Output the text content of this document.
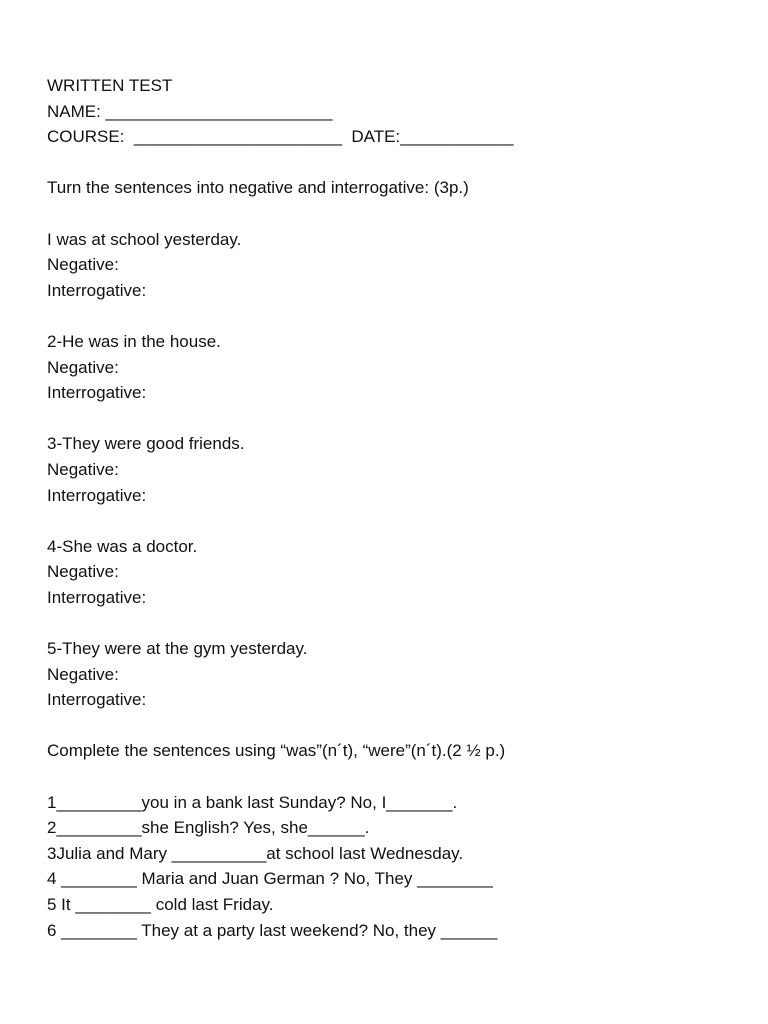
WRITTEN TEST
NAME: ________________________
COURSE:  ______________________  DATE:____________
Turn the sentences into negative and interrogative: (3p.)
I was at school yesterday.
Negative:
Interrogative:
2-He was in the house.
Negative:
Interrogative:
3-They were good friends.
Negative:
Interrogative:
4-She was a doctor.
Negative:
Interrogative:
5-They were at the gym yesterday.
Negative:
Interrogative:
Complete the sentences using “was”(n´t), “were”(n´t).(2 ½ p.)
1_________you in a bank last Sunday? No, I_______.
2_________she English? Yes, she______.
3Julia and Mary __________at school last Wednesday.
4 ________ Maria and Juan German ? No, They ________
5 It ________ cold last Friday.
6 ________ They at a party last weekend? No, they ______
